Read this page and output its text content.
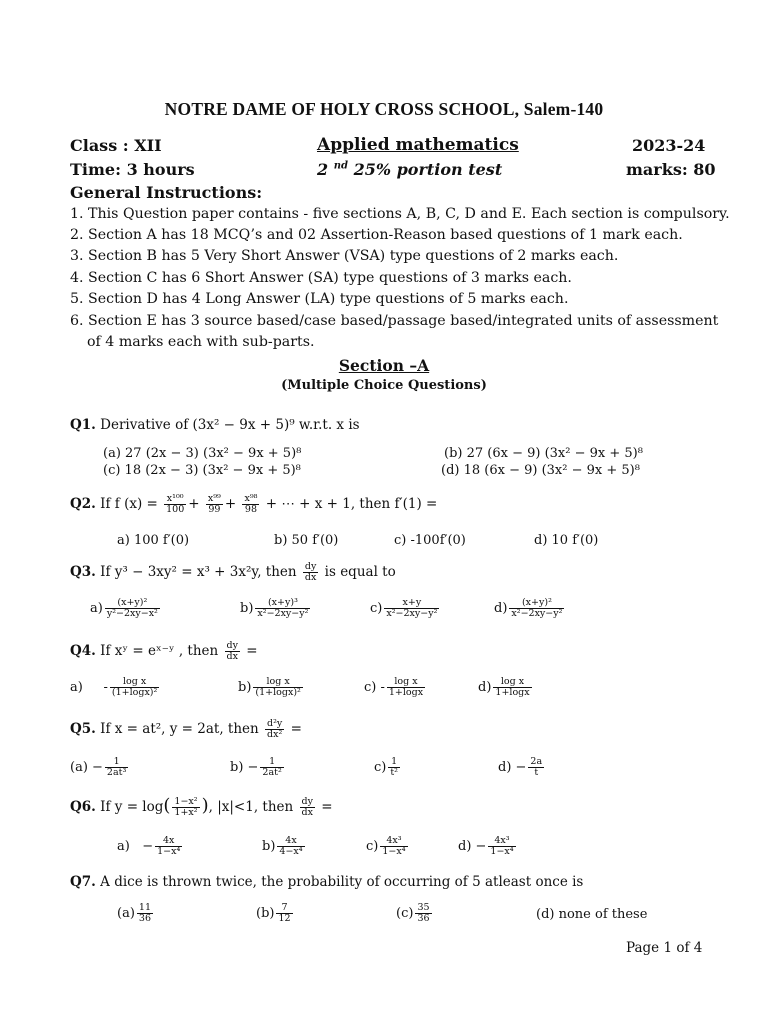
NOTRE DAME OF HOLY CROSS SCHOOL, Salem-140
Class : XII	Applied mathematics	2023-24
Time: 3 hours	2 $^{nd}$ 25% portion test	marks: 80
General Instructions:
1. This Question paper contains - five sections A, B, C, D and E. Each section is compulsory.
2. Section A has 18 MCQ’s and 02 Assertion-Reason based questions of 1 mark each.
3. Section B has 5 Very Short Answer (VSA) type questions of 2 marks each.
4. Section C has 6 Short Answer (SA) type questions of 3 marks each.
5. Section D has 4 Long Answer (LA) type questions of 5 marks each.
6. Section E has 3 source based/case based/passage based/integrated units of assessment
of 4 marks each with sub-parts.
Section –A
(Multiple Choice Questions)
Q1. Derivative of (3x² − 9x + 5)⁹ w.r.t. x is
(a) 27 (2x − 3) (3x² − 9x + 5)⁸	(b) 27 (6x − 9) (3x² − 9x + 5)⁸
(c) 18 (2x − 3) (3x² − 9x + 5)⁸	(d) 18 (6x − 9) (3x² − 9x + 5)⁸
Q2. If f $(x) = \frac{\text{x¹⁰⁰}}{100} + \frac{\text{x⁹⁹}}{99} + \frac{\text{x⁹⁸}}{98}$ + ⋯ + x + 1, then f′(1) =
a) 100 f′(0)	b) 50 f′(0)	c) -100f′(0)	d) 10 f′(0)
Q3. If y³ − 3xy² = x³ + 3x²y, then $\frac{dy}{dx}$ is equal to
$a) \frac{\text{(x+y)²}}{\text{y²−2xy−x²}}$	$b) \frac{\text{(x+y)³}}{\text{x²−2xy−y²}}$	$c) \frac{x+y}{\text{x²−2xy−y²}}$	$d) \frac{\text{(x+y)²}}{\text{x²−2xy−y²}}$
Q4. If xʸ = eˣ⁻ʸ , then $\frac{dy}{dx}$ =
a)     - $\frac{\text{log x}}{\text{(1+logx)²}}$	$b) \frac{\text{log x}}{\text{(1+logx)²}}$	$c) - \frac{\text{log x}}{1+\log x}$	$d) \frac{\text{log x}}{1+\log x}$
Q5. If x = at², y = 2at, then $\frac{\text{d²y}}{\text{dx²}}$ =
$(a) - \frac{1}{\text{2at³}}$	$b) - \frac{1}{\text{2at²}}$	$c) \frac{1}{\text{t²}}$	$d) - \frac{2a}{t}$
Q6. If $y = \log( \frac{\text{1−x²}}{\text{1+x²}}$ ), |x|<1, then $\frac{dy}{dx}$ =
$a) - \frac{4x}{\text{1−x⁴}}$	$b) \frac{4x}{\text{4−x⁴}}$	$c) \frac{\text{4x³}}{\text{1−x⁴}}$	$d) - \frac{\text{4x³}}{\text{1−x⁴}}$
Q7. A dice is thrown twice, the probability of occurring of 5 atleast once is
$(a) \frac{11}{36}$	$(b) \frac{7}{12}$	$(c) \frac{35}{36}$	(d) none of these
Page 1 of 4
